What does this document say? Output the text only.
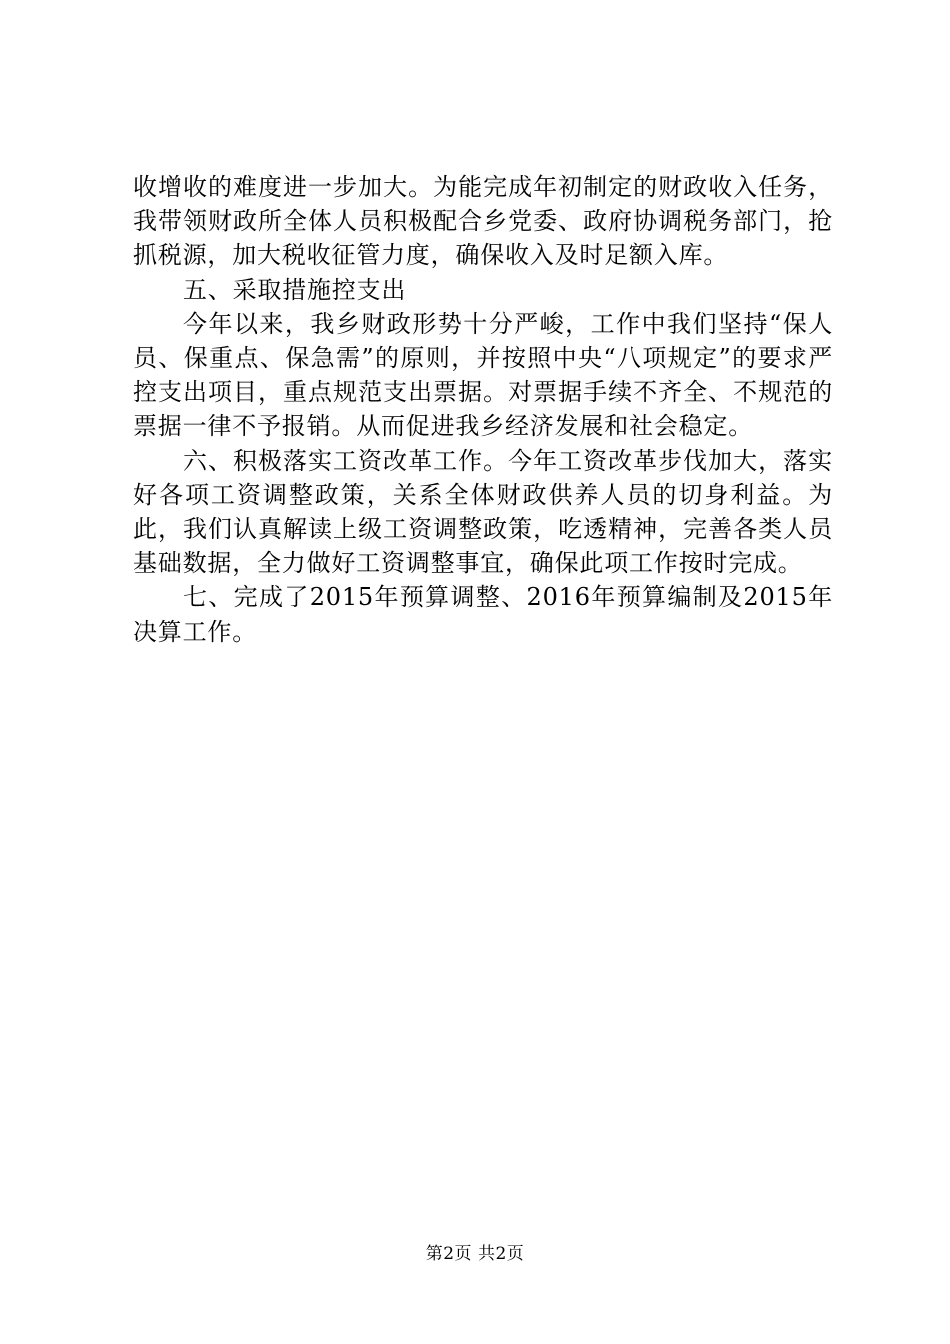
收增收的难度进一步加大。为能完成年初制定的财政收入任务，我带领财政所全体人员积极配合乡党委、政府协调税务部门，抢抓税源，加大税收征管力度，确保收入及时足额入库。

五、采取措施控支出

今年以来，我乡财政形势十分严峻，工作中我们坚持“保人员、保重点、保急需”的原则，并按照中央“八项规定”的要求严控支出项目，重点规范支出票据。对票据手续不齐全、不规范的票据一律不予报销。从而促进我乡经济发展和社会稳定。

六、积极落实工资改革工作。今年工资改革步伐加大，落实好各项工资调整政策，关系全体财政供养人员的切身利益。为此，我们认真解读上级工资调整政策，吃透精神，完善各类人员基础数据，全力做好工资调整事宜，确保此项工作按时完成。

七、完成了2015年预算调整、2016年预算编制及2015年决算工作。

第2页 共2页
